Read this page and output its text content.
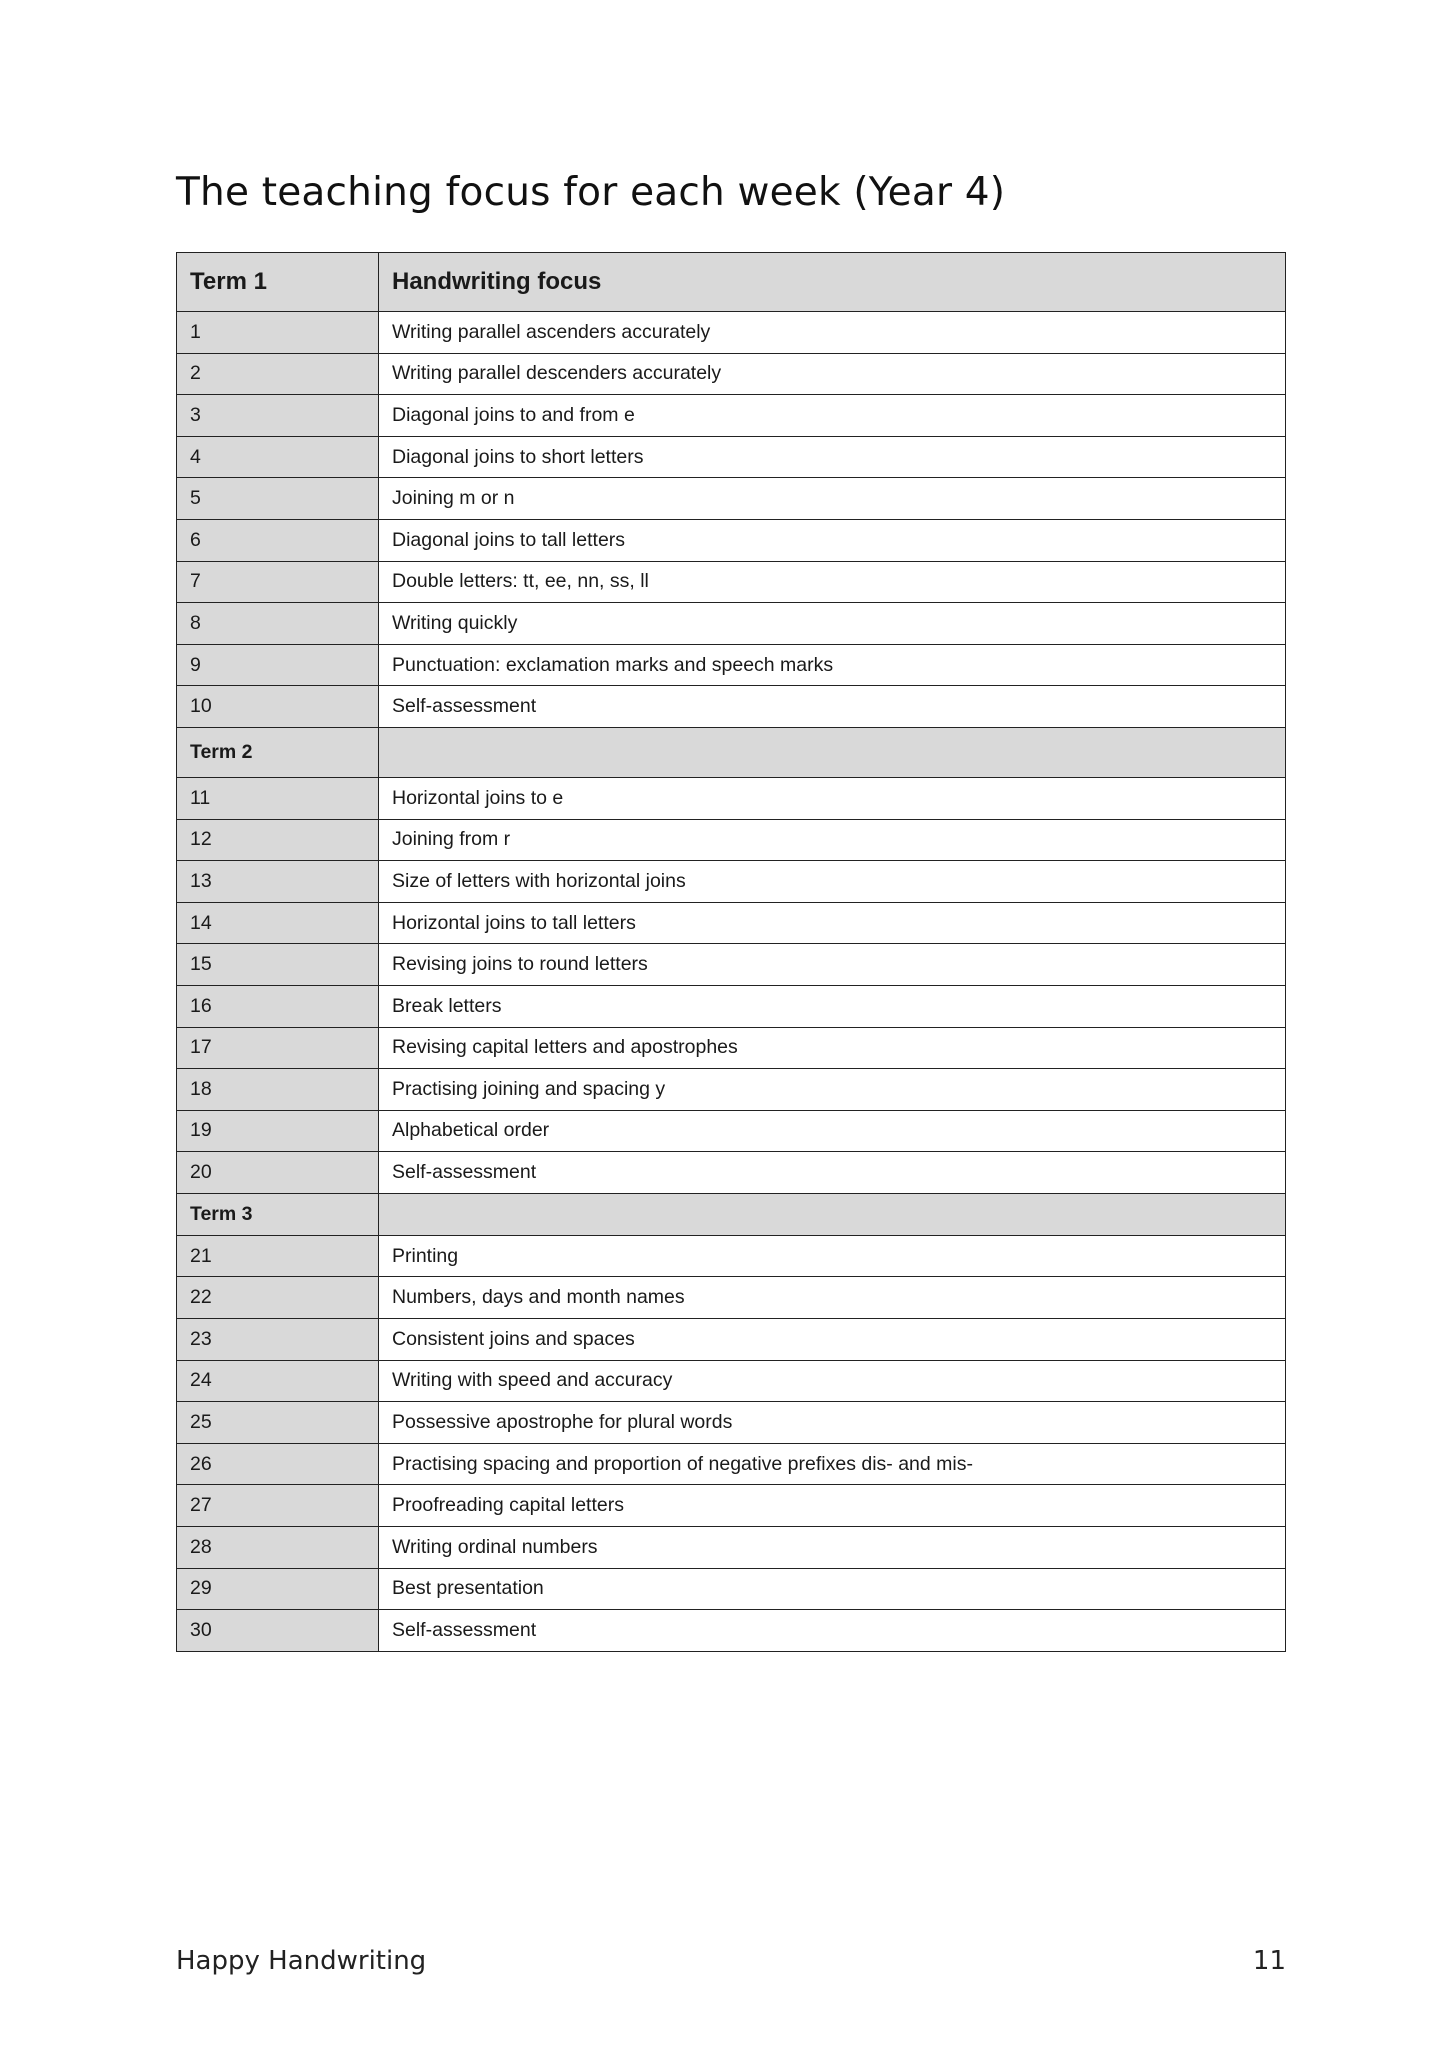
The teaching focus for each week (Year 4)
Term 1	Handwriting focus
1	Writing parallel ascenders accurately
2	Writing parallel descenders accurately
3	Diagonal joins to and from e
4	Diagonal joins to short letters
5	Joining m or n
6	Diagonal joins to tall letters
7	Double letters: tt, ee, nn, ss, ll
8	Writing quickly
9	Punctuation: exclamation marks and speech marks
10	Self-assessment
Term 2	
11	Horizontal joins to e
12	Joining from r
13	Size of letters with horizontal joins
14	Horizontal joins to tall letters
15	Revising joins to round letters
16	Break letters
17	Revising capital letters and apostrophes
18	Practising joining and spacing y
19	Alphabetical order
20	Self-assessment
Term 3	
21	Printing
22	Numbers, days and month names
23	Consistent joins and spaces
24	Writing with speed and accuracy
25	Possessive apostrophe for plural words
26	Practising spacing and proportion of negative prefixes dis- and mis-
27	Proofreading capital letters
28	Writing ordinal numbers
29	Best presentation
30	Self-assessment
Happy Handwriting	11
